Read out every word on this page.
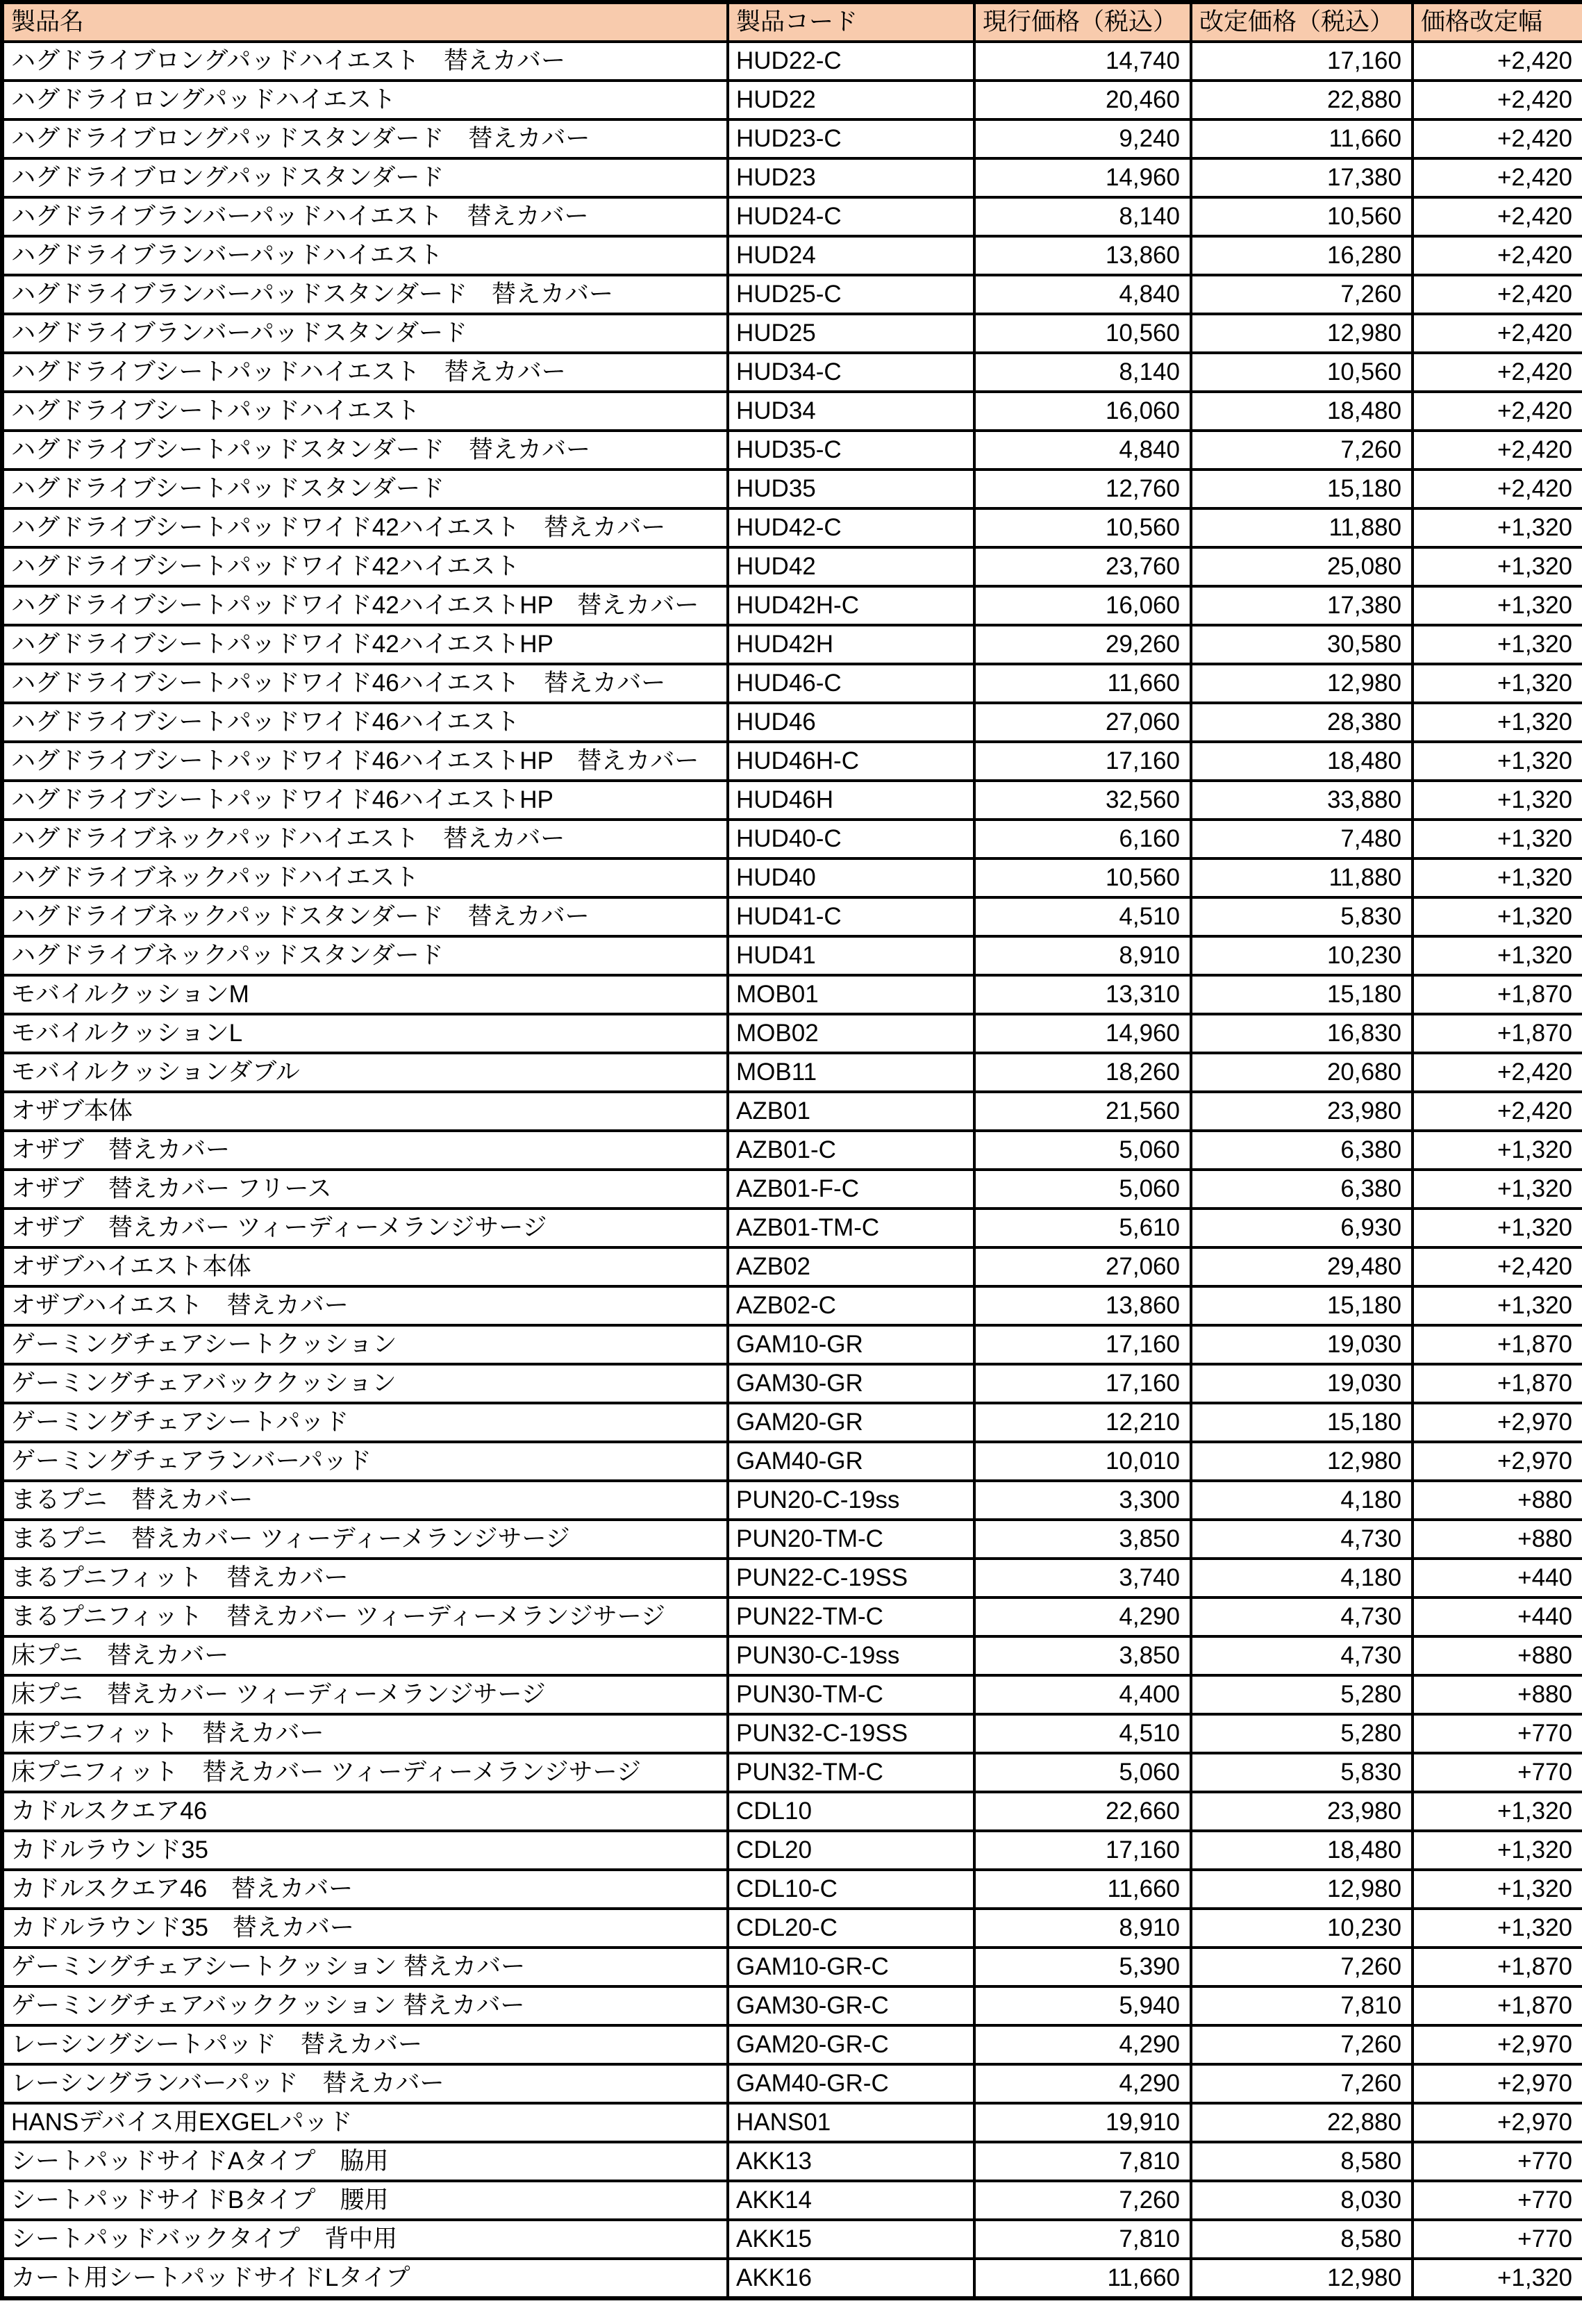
製品名	製品コード	現行価格（税込）	改定価格（税込）	価格改定幅
ハグドライブロングパッドハイエスト　替えカバー	HUD22-C	14,740	17,160	+2,420
ハグドライロングパッドハイエスト	HUD22	20,460	22,880	+2,420
ハグドライブロングパッドスタンダード　替えカバー	HUD23-C	9,240	11,660	+2,420
ハグドライブロングパッドスタンダード	HUD23	14,960	17,380	+2,420
ハグドライブランバーパッドハイエスト　替えカバー	HUD24-C	8,140	10,560	+2,420
ハグドライブランバーパッドハイエスト	HUD24	13,860	16,280	+2,420
ハグドライブランバーパッドスタンダード　替えカバー	HUD25-C	4,840	7,260	+2,420
ハグドライブランバーパッドスタンダード	HUD25	10,560	12,980	+2,420
ハグドライブシートパッドハイエスト　替えカバー	HUD34-C	8,140	10,560	+2,420
ハグドライブシートパッドハイエスト	HUD34	16,060	18,480	+2,420
ハグドライブシートパッドスタンダード　替えカバー	HUD35-C	4,840	7,260	+2,420
ハグドライブシートパッドスタンダード	HUD35	12,760	15,180	+2,420
ハグドライブシートパッドワイド42ハイエスト　替えカバー	HUD42-C	10,560	11,880	+1,320
ハグドライブシートパッドワイド42ハイエスト	HUD42	23,760	25,080	+1,320
ハグドライブシートパッドワイド42ハイエストHP　替えカバー	HUD42H-C	16,060	17,380	+1,320
ハグドライブシートパッドワイド42ハイエストHP	HUD42H	29,260	30,580	+1,320
ハグドライブシートパッドワイド46ハイエスト　替えカバー	HUD46-C	11,660	12,980	+1,320
ハグドライブシートパッドワイド46ハイエスト	HUD46	27,060	28,380	+1,320
ハグドライブシートパッドワイド46ハイエストHP　替えカバー	HUD46H-C	17,160	18,480	+1,320
ハグドライブシートパッドワイド46ハイエストHP	HUD46H	32,560	33,880	+1,320
ハグドライブネックパッドハイエスト　替えカバー	HUD40-C	6,160	7,480	+1,320
ハグドライブネックパッドハイエスト	HUD40	10,560	11,880	+1,320
ハグドライブネックパッドスタンダード　替えカバー	HUD41-C	4,510	5,830	+1,320
ハグドライブネックパッドスタンダード	HUD41	8,910	10,230	+1,320
モバイルクッションM	MOB01	13,310	15,180	+1,870
モバイルクッションL	MOB02	14,960	16,830	+1,870
モバイルクッションダブル	MOB11	18,260	20,680	+2,420
オザブ本体	AZB01	21,560	23,980	+2,420
オザブ　替えカバー	AZB01-C	5,060	6,380	+1,320
オザブ　替えカバー フリース	AZB01-F-C	5,060	6,380	+1,320
オザブ　替えカバー ツィーディーメランジサージ	AZB01-TM-C	5,610	6,930	+1,320
オザブハイエスト本体	AZB02	27,060	29,480	+2,420
オザブハイエスト　替えカバー	AZB02-C	13,860	15,180	+1,320
ゲーミングチェアシートクッション	GAM10-GR	17,160	19,030	+1,870
ゲーミングチェアバッククッション	GAM30-GR	17,160	19,030	+1,870
ゲーミングチェアシートパッド	GAM20-GR	12,210	15,180	+2,970
ゲーミングチェアランバーパッド	GAM40-GR	10,010	12,980	+2,970
まるプニ　替えカバー	PUN20-C-19ss	3,300	4,180	+880
まるプニ　替えカバー ツィーディーメランジサージ	PUN20-TM-C	3,850	4,730	+880
まるプニフィット　替えカバー	PUN22-C-19SS	3,740	4,180	+440
まるプニフィット　替えカバー ツィーディーメランジサージ	PUN22-TM-C	4,290	4,730	+440
床プニ　替えカバー	PUN30-C-19ss	3,850	4,730	+880
床プニ　替えカバー ツィーディーメランジサージ	PUN30-TM-C	4,400	5,280	+880
床プニフィット　替えカバー	PUN32-C-19SS	4,510	5,280	+770
床プニフィット　替えカバー ツィーディーメランジサージ	PUN32-TM-C	5,060	5,830	+770
カドルスクエア46	CDL10	22,660	23,980	+1,320
カドルラウンド35	CDL20	17,160	18,480	+1,320
カドルスクエア46　替えカバー	CDL10-C	11,660	12,980	+1,320
カドルラウンド35　替えカバー	CDL20-C	8,910	10,230	+1,320
ゲーミングチェアシートクッション 替えカバー	GAM10-GR-C	5,390	7,260	+1,870
ゲーミングチェアバッククッション 替えカバー	GAM30-GR-C	5,940	7,810	+1,870
レーシングシートパッド　替えカバー	GAM20-GR-C	4,290	7,260	+2,970
レーシングランバーパッド　替えカバー	GAM40-GR-C	4,290	7,260	+2,970
HANSデバイス用EXGELパッド	HANS01	19,910	22,880	+2,970
シートパッドサイドAタイプ　脇用	AKK13	7,810	8,580	+770
シートパッドサイドBタイプ　腰用	AKK14	7,260	8,030	+770
シートパッドバックタイプ　背中用	AKK15	7,810	8,580	+770
カート用シートパッドサイドLタイプ	AKK16	11,660	12,980	+1,320
